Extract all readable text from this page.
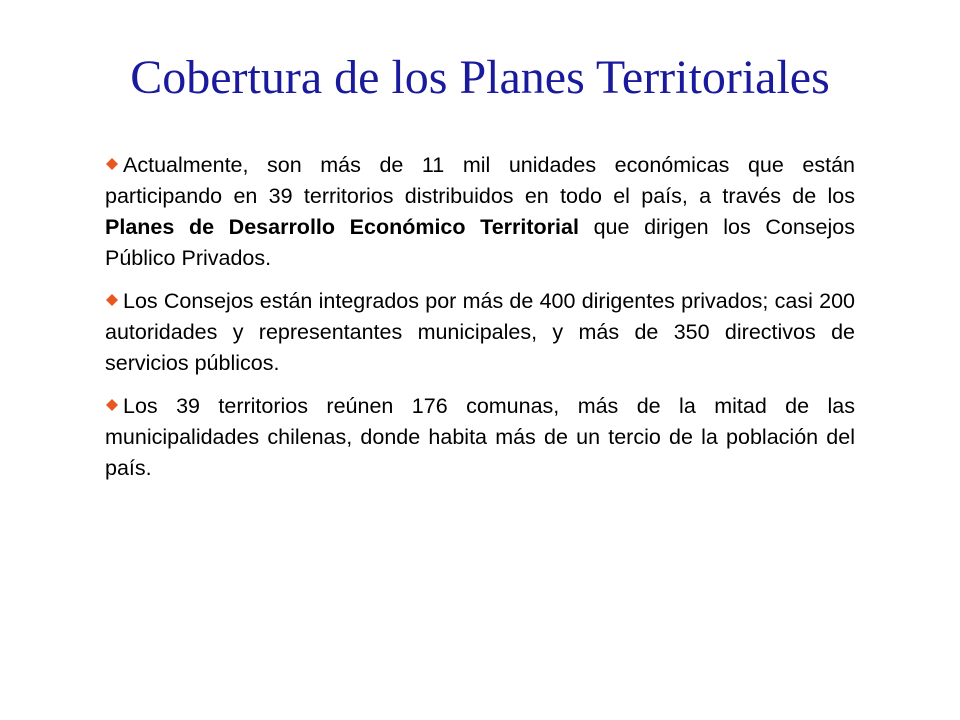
Cobertura de los Planes Territoriales

Actualmente, son más de 11 mil unidades económicas que están participando en 39 territorios distribuidos en todo el país, a través de los Planes de Desarrollo Económico Territorial que dirigen los Consejos Público Privados.

Los Consejos están integrados por más de 400 dirigentes privados; casi 200 autoridades y representantes municipales, y más de 350 directivos de servicios públicos.

Los 39 territorios reúnen 176 comunas, más de la mitad de las municipalidades chilenas, donde habita más de un tercio de la población del país.
